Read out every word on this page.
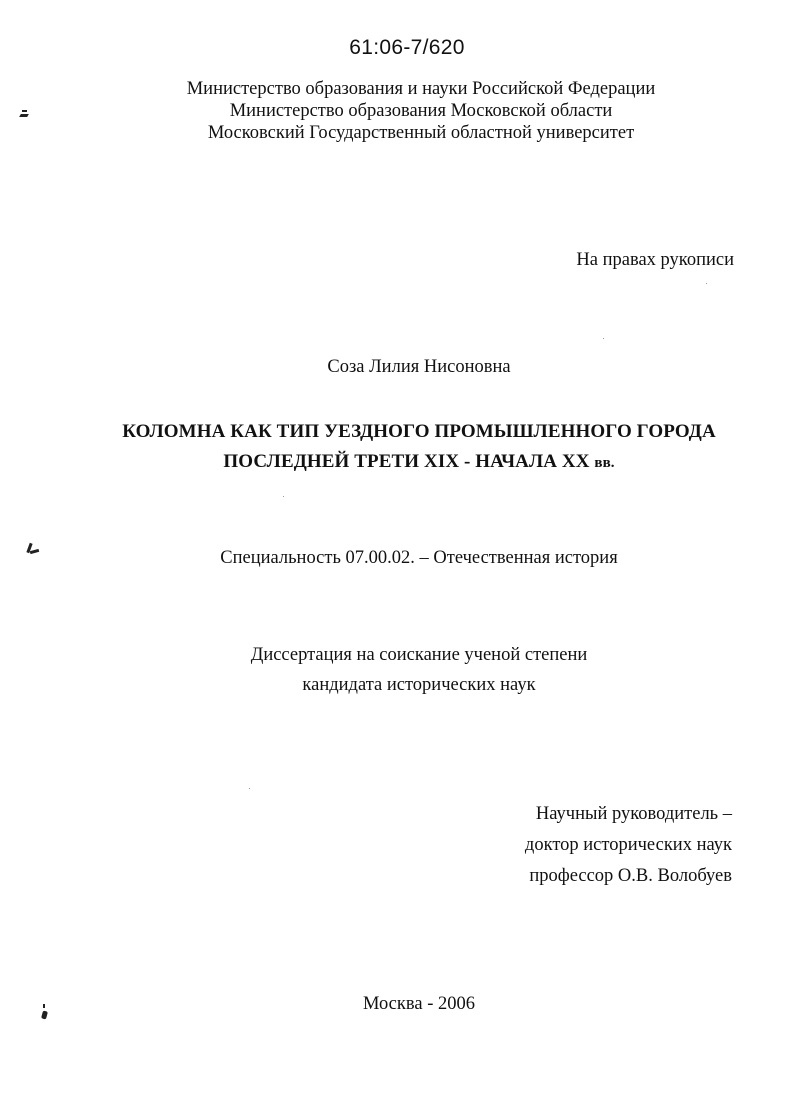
61:06-7/620
Министерство образования и науки Российской Федерации
Министерство образования Московской области
Московский Государственный областной университет
На правах рукописи
Соза Лилия Нисоновна
КОЛОМНА КАК ТИП УЕЗДНОГО ПРОМЫШЛЕННОГО ГОРОДА
ПОСЛЕДНЕЙ ТРЕТИ XIX - НАЧАЛА XX вв.
Специальность 07.00.02. – Отечественная история
Диссертация на соискание ученой степени
кандидата исторических наук
Научный руководитель –
доктор исторических наук
профессор О.В. Волобуев
Москва - 2006
